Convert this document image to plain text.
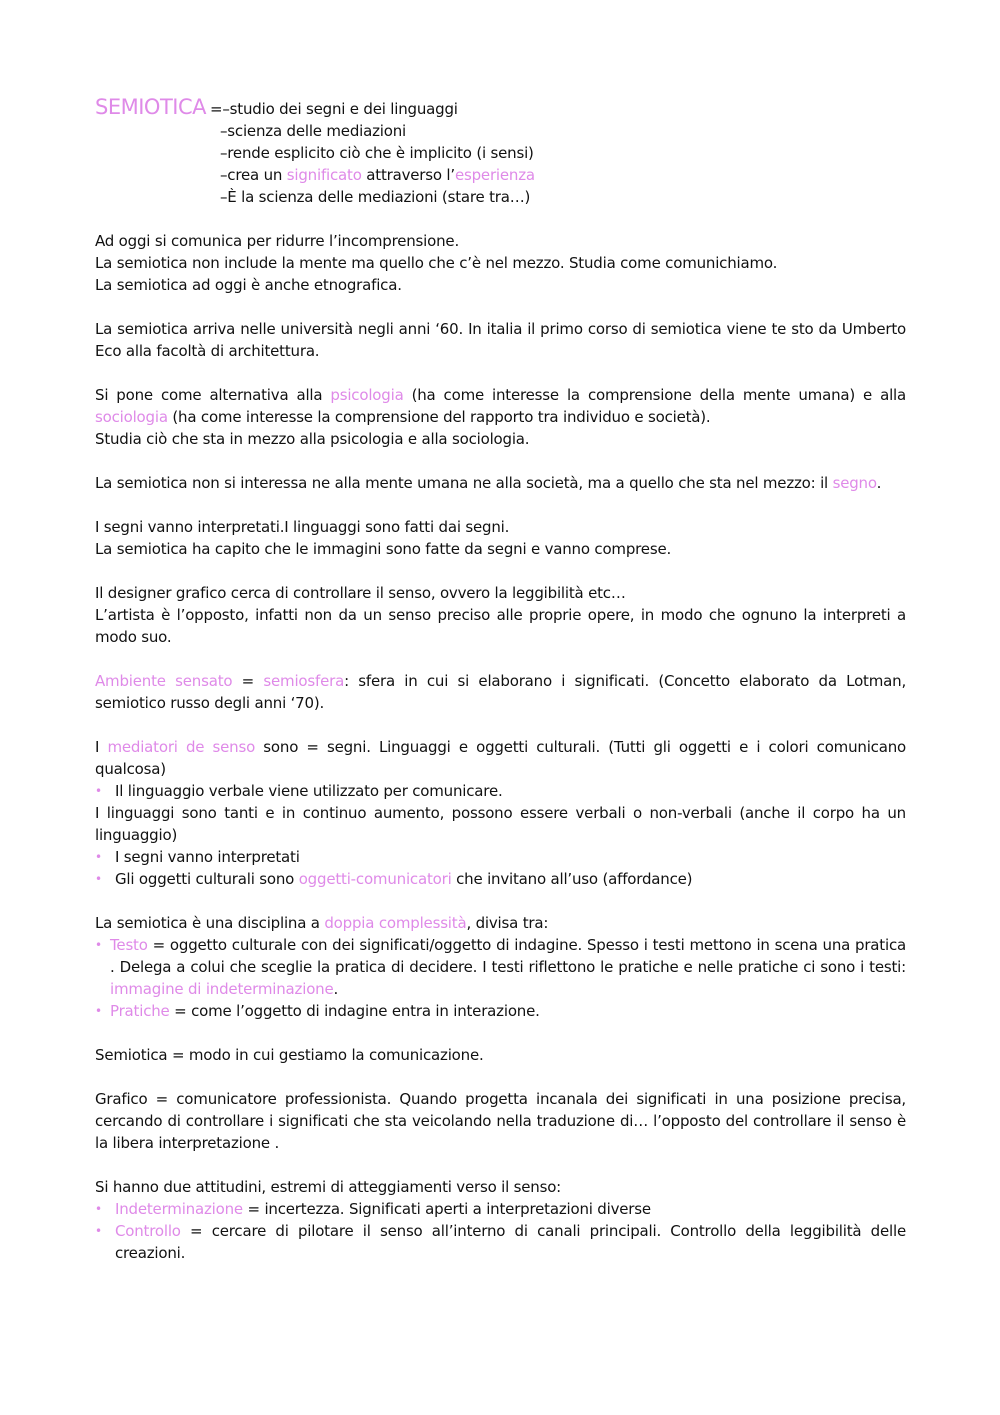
SEMIOTICA = –studio dei segni e dei linguaggi
–scienza delle mediazioni
–rende esplicito ciò che è implicito (i sensi)
–crea un significato attraverso l’esperienza
–È la scienza delle mediazioni (stare tra…)

Ad oggi si comunica per ridurre l’incomprensione.

La semiotica non include la mente ma quello che c’è nel mezzo. Studia come comunichiamo.

La semiotica ad oggi è anche etnografica.

La semiotica arriva nelle università negli anni ‘60. In italia il primo corso di semiotica viene te sto da Umberto Eco alla facoltà di architettura.

Si pone come alternativa alla psicologia (ha come interesse la comprensione della mente umana) e alla sociologia (ha come interesse la comprensione del rapporto tra individuo e società).

Studia ciò che sta in mezzo alla psicologia e alla sociologia.

La semiotica non si interessa ne alla mente umana ne alla società, ma a quello che sta nel mezzo: il segno.

I segni vanno interpretati.I linguaggi sono fatti dai segni.

La semiotica ha capito che le immagini sono fatte da segni e vanno comprese.

Il designer grafico cerca di controllare il senso, ovvero la leggibilità etc…

L’artista è l’opposto, infatti non da un senso preciso alle proprie opere, in modo che ognuno la interpreti a modo suo.

Ambiente sensato = semiosfera: sfera in cui si elaborano i significati. (Concetto elaborato da Lotman, semiotico russo degli anni ‘70).

I mediatori de senso sono = segni. Linguaggi e oggetti culturali. (Tutti gli oggetti e i colori comunicano qualcosa)

• Il linguaggio verbale viene utilizzato per comunicare.

I linguaggi sono tanti e in continuo aumento, possono essere verbali o non-verbali (anche il corpo ha un linguaggio)

• I segni vanno interpretati
• Gli oggetti culturali sono oggetti-comunicatori che invitano all’uso (affordance)

La semiotica è una disciplina a doppia complessità, divisa tra:

• Testo = oggetto culturale con dei significati/oggetto di indagine. Spesso i testi mettono in scena una pratica . Delega a colui che sceglie la pratica di decidere. I testi riflettono le pratiche e nelle pratiche ci sono i testi: immagine di indeterminazione.
• Pratiche = come l’oggetto di indagine entra in interazione.

Semiotica = modo in cui gestiamo la comunicazione.

Grafico = comunicatore professionista. Quando progetta incanala dei significati in una posizione precisa, cercando di controllare i significati che sta veicolando nella traduzione di… l’opposto del controllare il senso è la libera interpretazione .

Si hanno due attitudini, estremi di atteggiamenti verso il senso:

• Indeterminazione = incertezza. Significati aperti a interpretazioni diverse
• Controllo = cercare di pilotare il senso all’interno di canali principali. Controllo della leggibilità delle creazioni.
